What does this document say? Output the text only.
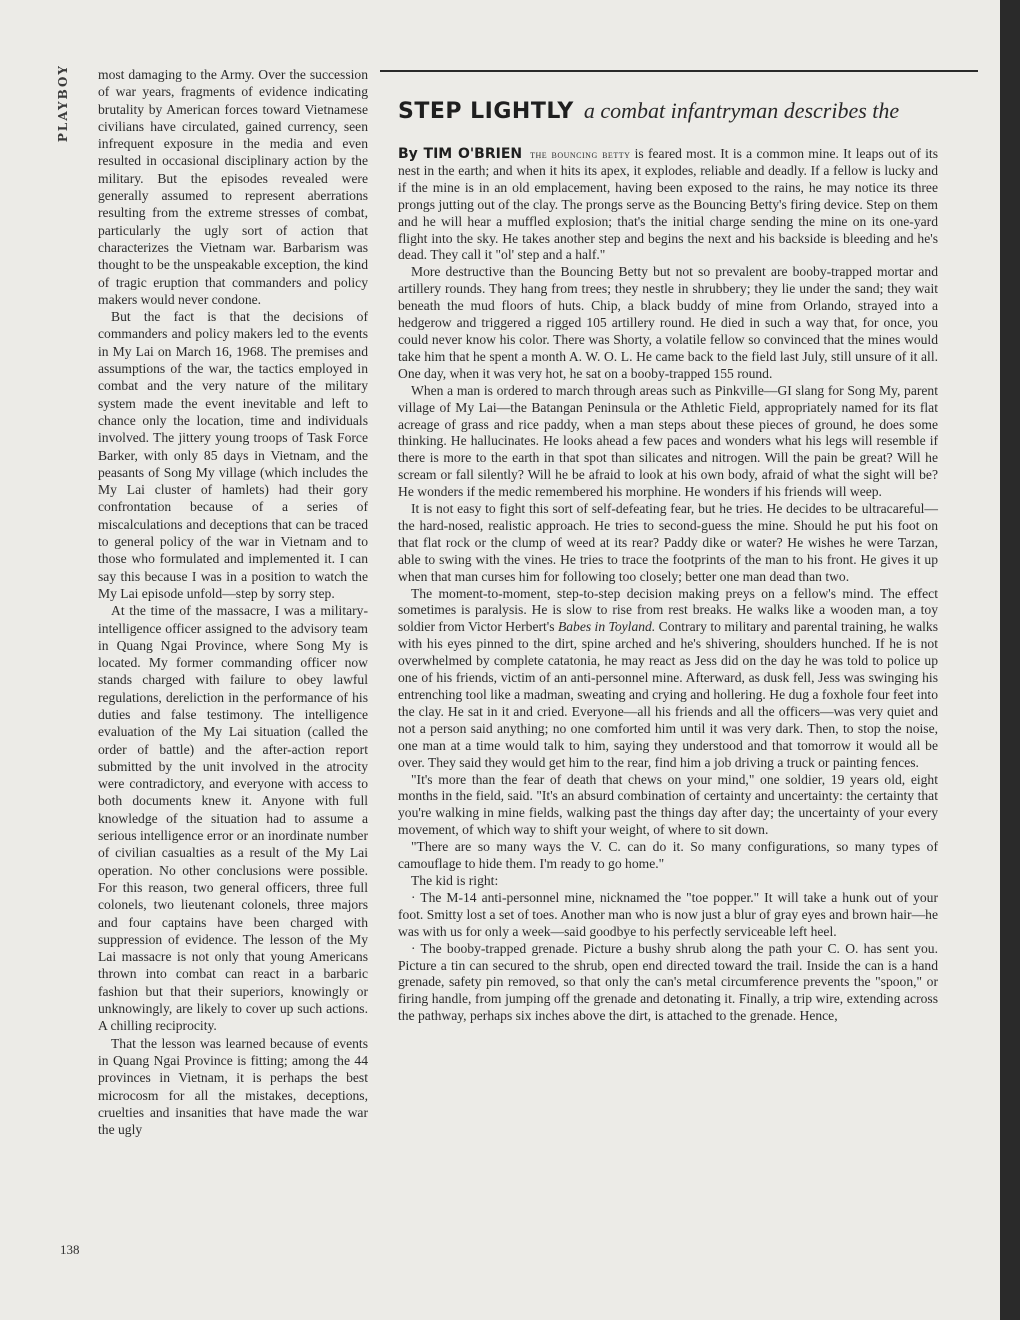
PLAYBOY most damaging to the Army. Over the succession of war years, fragments of evidence indicating brutality by American forces toward Vietnamese civilians have circulated, gained currency, seen infrequent exposure in the media and even resulted in occasional disciplinary action by the military. But the episodes revealed were generally assumed to represent aberrations resulting from the extreme stresses of combat, particularly the ugly sort of action that characterizes the Vietnam war. Barbarism was thought to be the unspeakable exception, the kind of tragic eruption that commanders and policy makers would never condone.

But the fact is that the decisions of commanders and policy makers led to the events in My Lai on March 16, 1968. The premises and assumptions of the war, the tactics employed in combat and the very nature of the military system made the event inevitable and left to chance only the location, time and individuals involved. The jittery young troops of Task Force Barker, with only 85 days in Vietnam, and the peasants of Song My village (which includes the My Lai cluster of hamlets) had their gory confrontation because of a series of miscalculations and deceptions that can be traced to general policy of the war in Vietnam and to those who formulated and implemented it. I can say this because I was in a position to watch the My Lai episode unfold—step by sorry step.

At the time of the massacre, I was a military-intelligence officer assigned to the advisory team in Quang Ngai Province, where Song My is located. My former commanding officer now stands charged with failure to obey lawful regulations, dereliction in the performance of his duties and false testimony. The intelligence evaluation of the My Lai situation (called the order of battle) and the after-action report submitted by the unit involved in the atrocity were contradictory, and everyone with access to both documents knew it. Anyone with full knowledge of the situation had to assume a serious intelligence error or an inordinate number of civilian casualties as a result of the My Lai operation. No other conclusions were possible. For this reason, two general officers, three full colonels, two lieutenant colonels, three majors and four captains have been charged with suppression of evidence. The lesson of the My Lai massacre is not only that young Americans thrown into combat can react in a barbaric fashion but that their superiors, knowingly or unknowingly, are likely to cover up such actions. A chilling reciprocity.

That the lesson was learned because of events in Quang Ngai Province is fitting; among the 44 provinces in Vietnam, it is perhaps the best microcosm for all the mistakes, deceptions, cruelties and insanities that have made the war the ugly

138
STEP LIGHTLY a combat infantryman describes the

By TIM O'BRIEN the bouncing betty is feared most. It is a common mine. It leaps out of its nest in the earth; and when it hits its apex, it explodes, reliable and deadly. If a fellow is lucky and if the mine is in an old emplacement, having been exposed to the rains, he may notice its three prongs jutting out of the clay. The prongs serve as the Bouncing Betty's firing device. Step on them and he will hear a muffled explosion; that's the initial charge sending the mine on its one-yard flight into the sky. He takes another step and begins the next and his backside is bleeding and he's dead. They call it "ol' step and a half."

More destructive than the Bouncing Betty but not so prevalent are booby-trapped mortar and artillery rounds. They hang from trees; they nestle in shrubbery; they lie under the sand; they wait beneath the mud floors of huts. Chip, a black buddy of mine from Orlando, strayed into a hedgerow and triggered a rigged 105 artillery round. He died in such a way that, for once, you could never know his color. There was Shorty, a volatile fellow so convinced that the mines would take him that he spent a month A. W. O. L. He came back to the field last July, still unsure of it all. One day, when it was very hot, he sat on a booby-trapped 155 round.

When a man is ordered to march through areas such as Pinkville—GI slang for Song My, parent village of My Lai—the Batangan Peninsula or the Athletic Field, appropriately named for its flat acreage of grass and rice paddy, when a man steps about these pieces of ground, he does some thinking. He hallucinates. He looks ahead a few paces and wonders what his legs will resemble if there is more to the earth in that spot than silicates and nitrogen. Will the pain be great? Will he scream or fall silently? Will he be afraid to look at his own body, afraid of what the sight will be? He wonders if the medic remembered his morphine. He wonders if his friends will weep.

It is not easy to fight this sort of self-defeating fear, but he tries. He decides to be ultracareful—the hard-nosed, realistic approach. He tries to second-guess the mine. Should he put his foot on that flat rock or the clump of weed at its rear? Paddy dike or water? He wishes he were Tarzan, able to swing with the vines. He tries to trace the footprints of the man to his front. He gives it up when that man curses him for following too closely; better one man dead than two.

The moment-to-moment, step-to-step decision making preys on a fellow's mind. The effect sometimes is paralysis. He is slow to rise from rest breaks. He walks like a wooden man, a toy soldier from Victor Herbert's Babes in Toyland. Contrary to military and parental training, he walks with his eyes pinned to the dirt, spine arched and he's shivering, shoulders hunched. If he is not overwhelmed by complete catatonia, he may react as Jess did on the day he was told to police up one of his friends, victim of an anti-personnel mine. Afterward, as dusk fell, Jess was swinging his entrenching tool like a madman, sweating and crying and hollering. He dug a foxhole four feet into the clay. He sat in it and cried. Everyone—all his friends and all the officers—was very quiet and not a person said anything; no one comforted him until it was very dark. Then, to stop the noise, one man at a time would talk to him, saying they understood and that tomorrow it would all be over. They said they would get him to the rear, find him a job driving a truck or painting fences.

"It's more than the fear of death that chews on your mind," one soldier, 19 years old, eight months in the field, said. "It's an absurd combination of certainty and uncertainty: the certainty that you're walking in mine fields, walking past the things day after day; the uncertainty of your every movement, of which way to shift your weight, of where to sit down.

"There are so many ways the V. C. can do it. So many configurations, so many types of camouflage to hide them. I'm ready to go home."

The kid is right:

· The M-14 anti-personnel mine, nicknamed the "toe popper." It will take a hunk out of your foot. Smitty lost a set of toes. Another man who is now just a blur of gray eyes and brown hair—he was with us for only a week—said goodbye to his perfectly serviceable left heel.

· The booby-trapped grenade. Picture a bushy shrub along the path your C. O. has sent you. Picture a tin can secured to the shrub, open end directed toward the trail. Inside the can is a hand grenade, safety pin removed, so that only the can's metal circumference prevents the "spoon," or firing handle, from jumping off the grenade and detonating it. Finally, a trip wire, extending across the pathway, perhaps six inches above the dirt, is attached to the grenade. Hence,
